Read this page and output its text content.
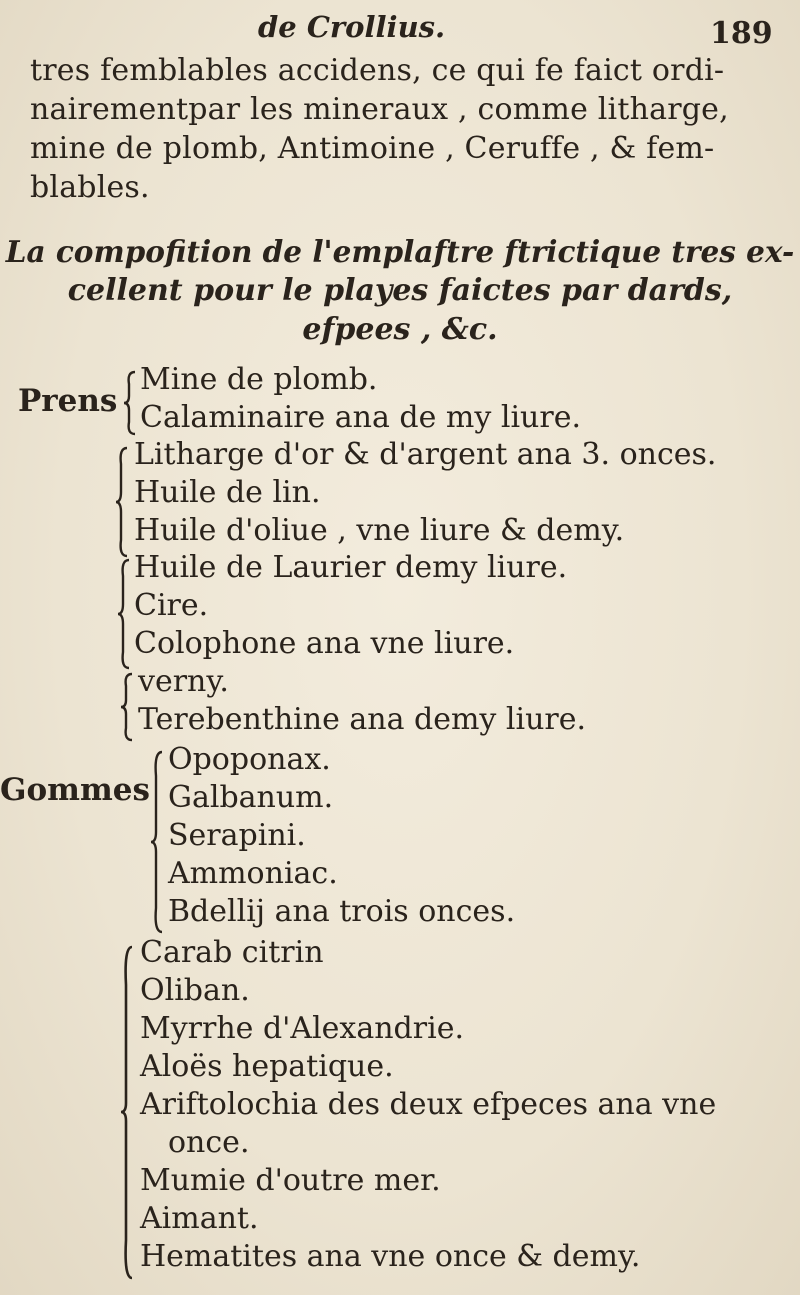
de Crollius.	189
tres femblables accidens, ce qui fe faict ordi-
nairementpar les mineraux , comme litharge,
mine de plomb, Antimoine , Ceruffe , & fem-
blables.
La compofition de l'emplaftre ftrictique tres ex-
cellent pour le playes faictes par dards,
efpees , &c.
Prens
Gommes
Mine de plomb.
Calaminaire ana de my liure.
Litharge d'or & d'argent ana 3. onces.
Huile de lin.
Huile d'oliue , vne liure & demy.
Huile de Laurier demy liure.
Cire.
Colophone ana vne liure.
verny.
Terebenthine ana demy liure.
Opoponax.
Galbanum.
Serapini.
Ammoniac.
Bdellij ana trois onces.
Carab citrin
Oliban.
Myrrhe d'Alexandrie.
Aloës hepatique.
Ariftolochia des deux efpeces ana vne
once.
Mumie d'outre mer.
Aimant.
Hematites ana vne once & demy.
